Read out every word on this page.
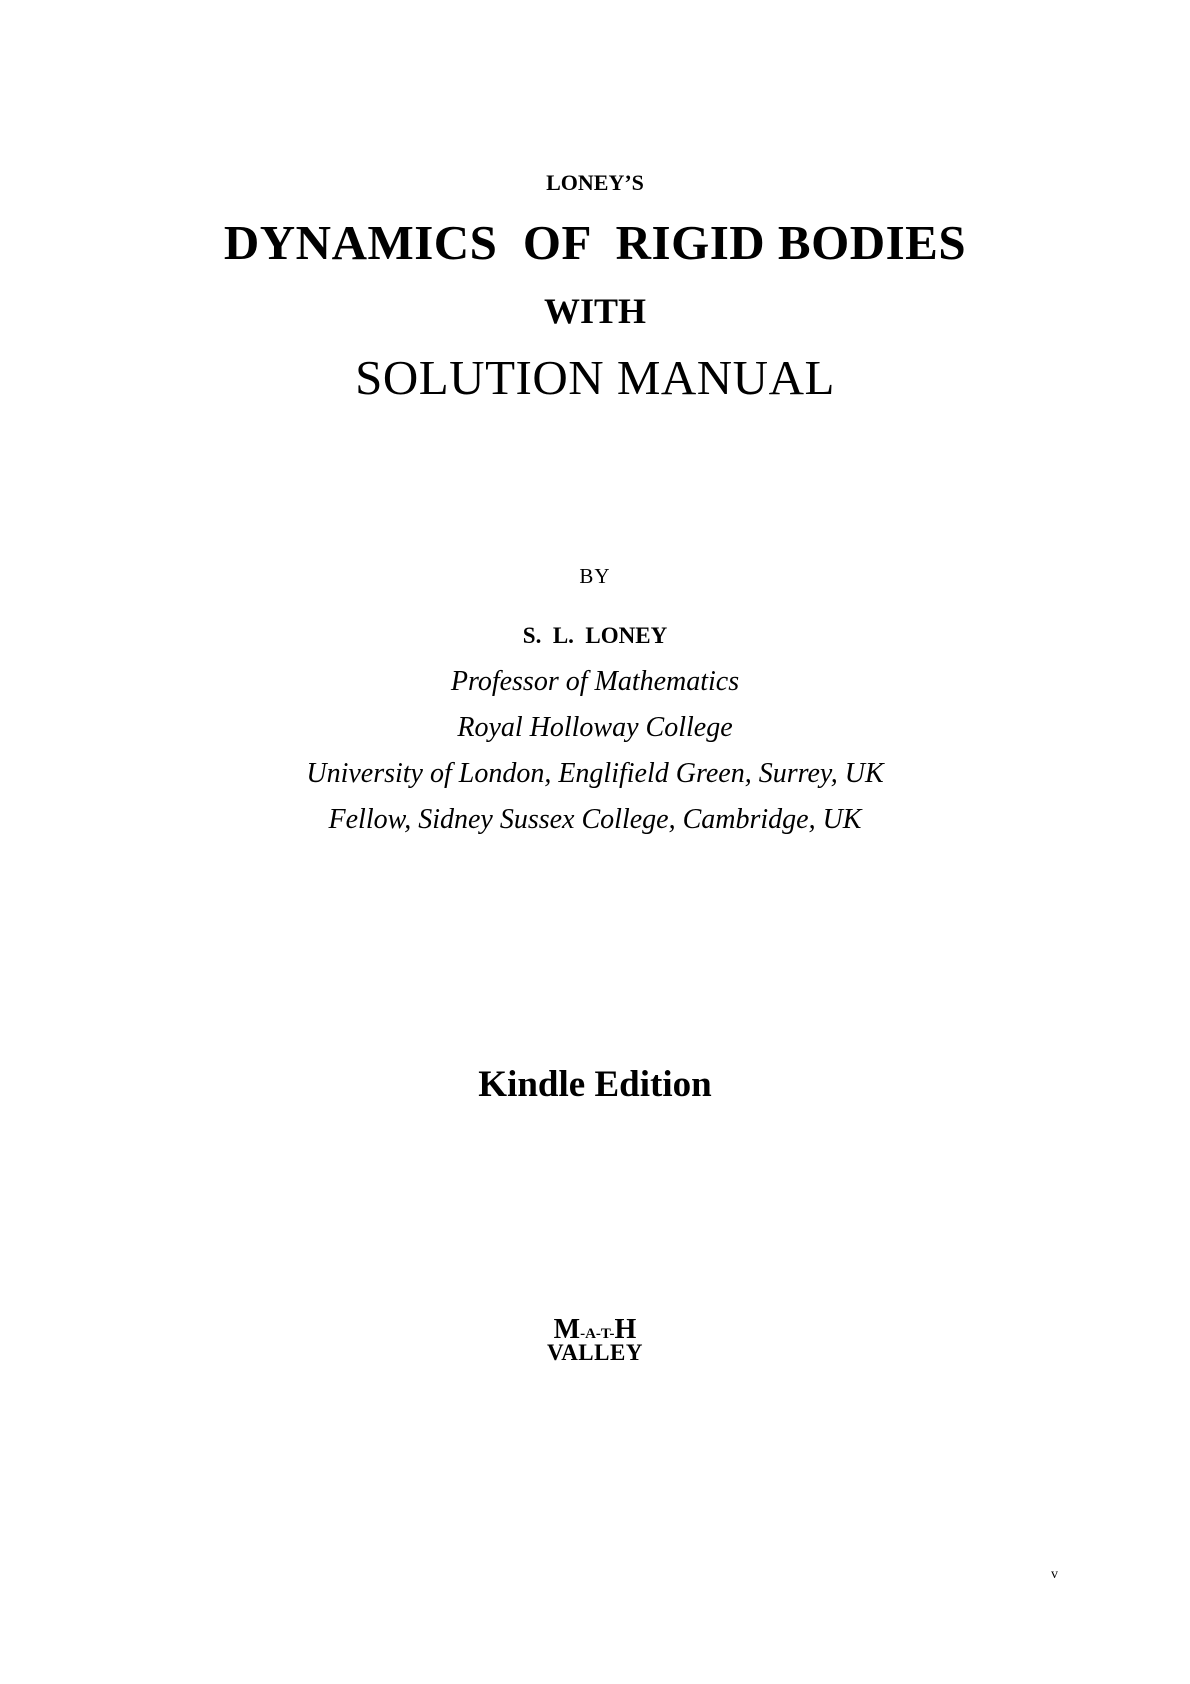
LONEY’S
DYNAMICS  OF  RIGID BODIES
WITH
SOLUTION MANUAL
BY
S.  L.  LONEY
Professor of Mathematics
Royal Holloway College
University of London, Englifield Green, Surrey, UK
Fellow, Sidney Sussex College, Cambridge, UK
Kindle Edition
M-A-T-H
VALLEY
v
